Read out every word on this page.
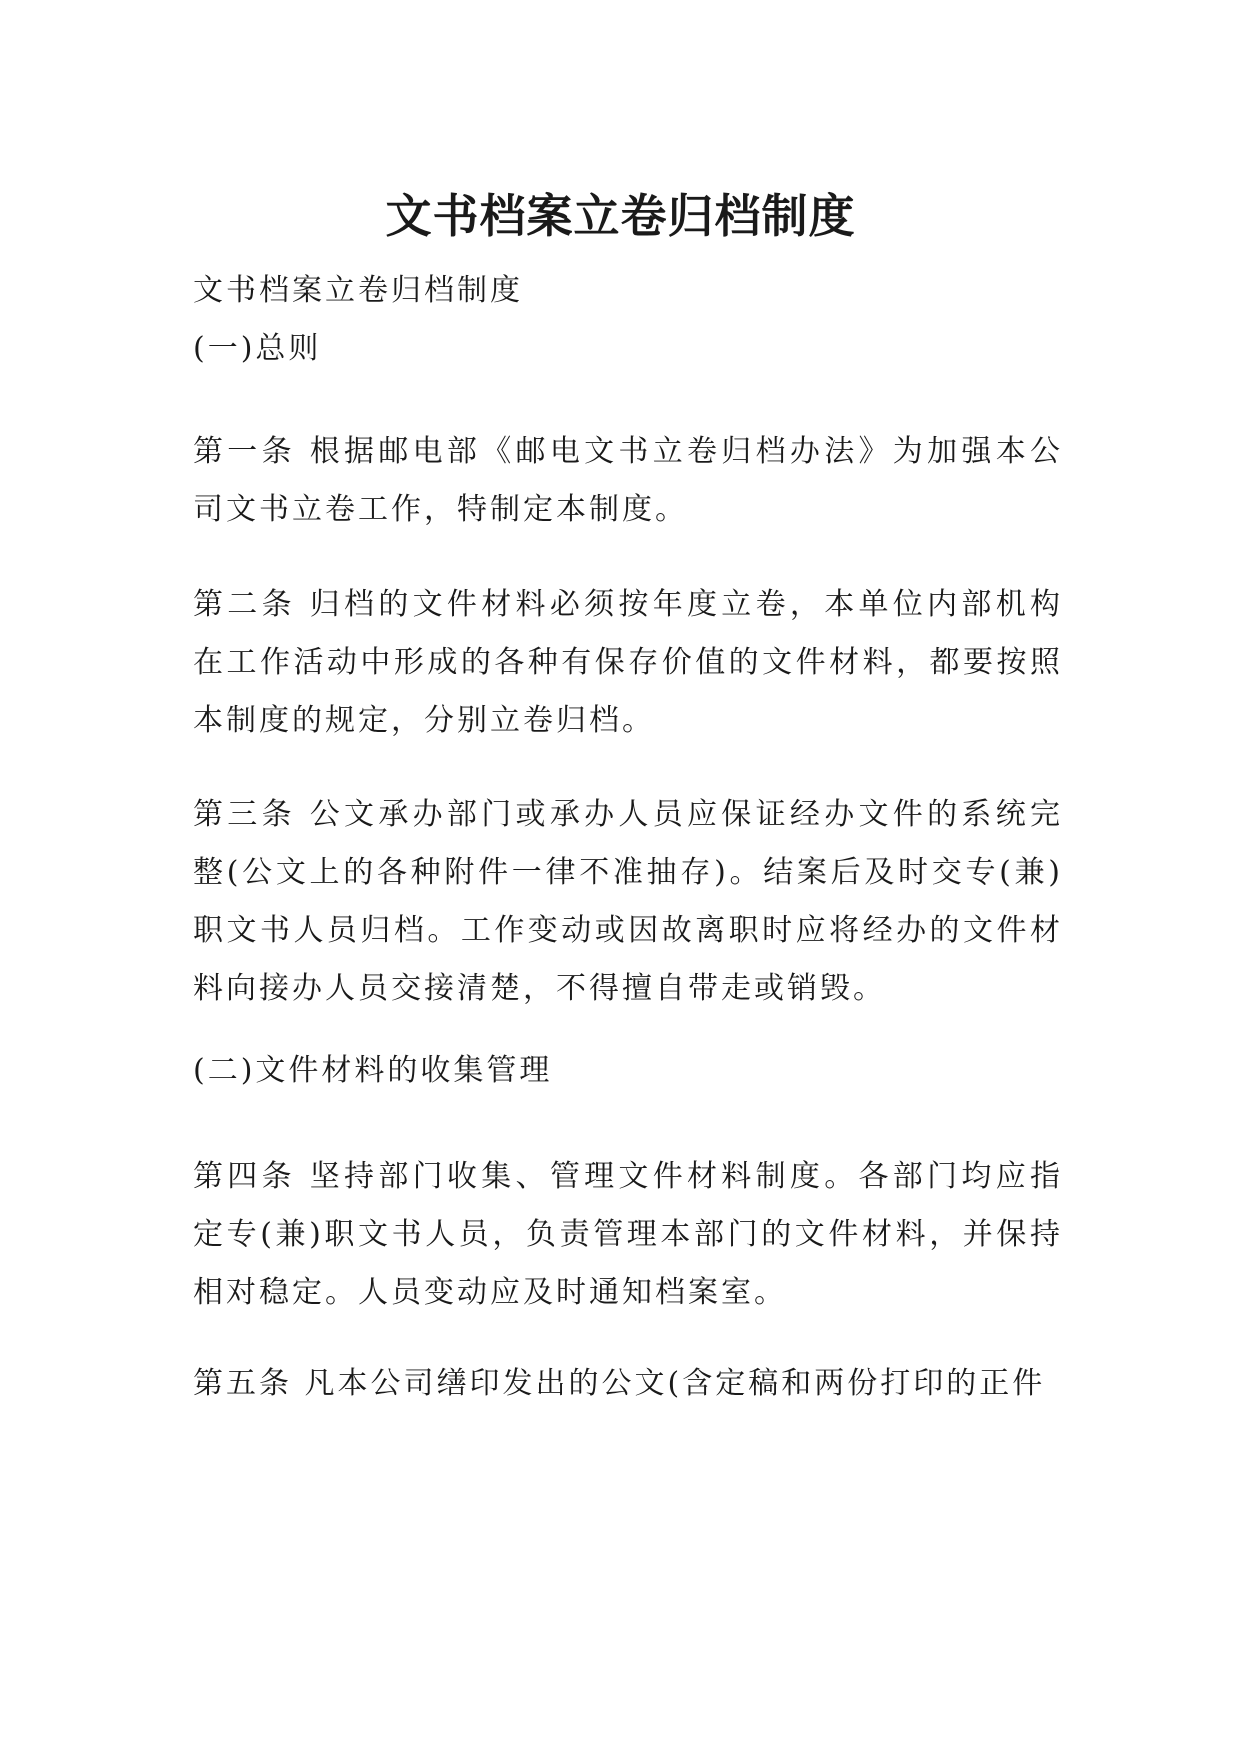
文书档案立卷归档制度

文书档案立卷归档制度

(一)总则

第一条 根据邮电部《邮电文书立卷归档办法》为加强本公司文书立卷工作，特制定本制度。

第二条 归档的文件材料必须按年度立卷，本单位内部机构在工作活动中形成的各种有保存价值的文件材料，都要按照本制度的规定，分别立卷归档。

第三条 公文承办部门或承办人员应保证经办文件的系统完整(公文上的各种附件一律不准抽存)。结案后及时交专(兼)职文书人员归档。工作变动或因故离职时应将经办的文件材料向接办人员交接清楚，不得擅自带走或销毁。

(二)文件材料的收集管理

第四条 坚持部门收集、管理文件材料制度。各部门均应指定专(兼)职文书人员，负责管理本部门的文件材料，并保持相对稳定。人员变动应及时通知档案室。

第五条 凡本公司缮印发出的公文(含定稿和两份打印的正件
